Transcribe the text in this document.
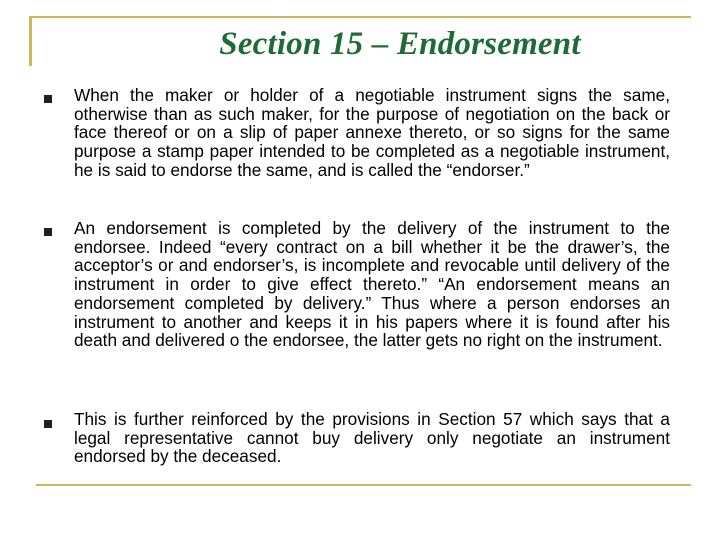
Section 15 – Endorsement

When the maker or holder of a negotiable instrument signs the same, otherwise than as such maker, for the purpose of negotiation on the back or face thereof or on a slip of paper annexe thereto, or so signs for the same purpose a stamp paper intended to be completed as a negotiable instrument, he is said to endorse the same, and is called the “endorser.”

An endorsement is completed by the delivery of the instrument to the endorsee. Indeed “every contract on a bill whether it be the drawer’s, the acceptor’s or and endorser’s, is incomplete and revocable until delivery of the instrument in order to give effect thereto.” “An endorsement means an endorsement completed by delivery.” Thus where a person endorses an instrument to another and keeps it in his papers where it is found after his death and delivered o the endorsee, the latter gets no right on the instrument.

This is further reinforced by the provisions in Section 57 which says that a legal representative cannot buy delivery only negotiate an instrument endorsed by the deceased.
